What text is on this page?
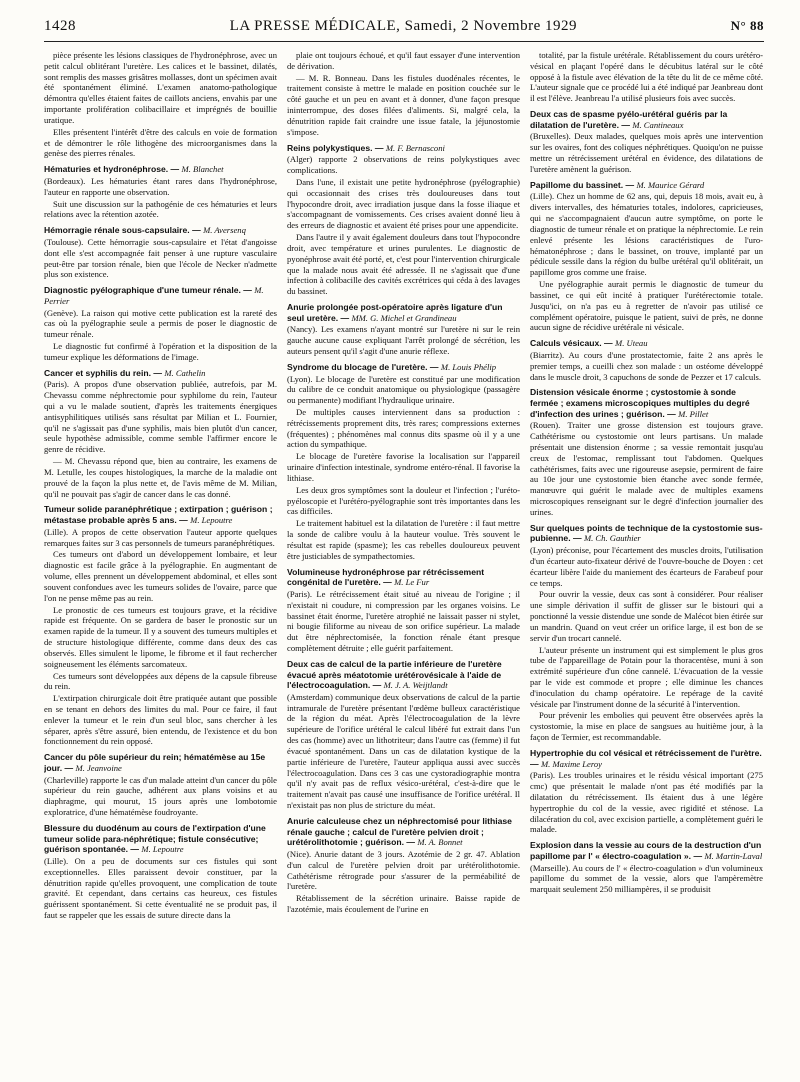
1428	LA PRESSE MÉDICALE, Samedi, 2 Novembre 1929	N° 88

pièce présente les lésions classiques de l'hydronéphrose, avec un petit calcul oblitérant l'uretère. Les calices et le bassinet, dilatés, sont remplis des masses grisâtres mollasses, dont un spécimen avait été spontanément éliminé. L'examen anatomo-pathologique démontra qu'elles étaient faites de caillots anciens, envahis par une importante prolifération colibacillaire et imprégnés de bouillie uratique.

Elles présentent l'intérêt d'être des calculs en voie de formation et de démontrer le rôle lithogène des microorganismes dans la genèse des pierres rénales.

Hématuries et hydronéphrose. — M. Blanchet

(Bordeaux). Les hématuries étant rares dans l'hydronéphrose, l'auteur en rapporte une observation.

Suit une discussion sur la pathogénie de ces hématuries et leurs relations avec la rétention azotée.

Hémorragie rénale sous-capsulaire. — M. Aversenq

(Toulouse). Cette hémorragie sous-capsulaire et l'état d'angoisse dont elle s'est accompagnée fait penser à une rupture vasculaire peut-être par torsion rénale, bien que l'école de Necker n'admette plus son existence.

Diagnostic pyélographique d'une tumeur rénale. — M. Perrier

(Genève). La raison qui motive cette publication est la rareté des cas où la pyélographie seule a permis de poser le diagnostic de tumeur rénale.

Le diagnostic fut confirmé à l'opération et la disposition de la tumeur explique les déformations de l'image.

Cancer et syphilis du rein. — M. Cathelin

(Paris). A propos d'une observation publiée, autrefois, par M. Chevassu comme néphrectomie pour syphilome du rein, l'auteur qui a vu le malade soutient, d'après les traitements énergiques antisyphilitiques utilisés sans résultat par Milian et L. Fournier, qu'il ne s'agissait pas d'une syphilis, mais bien plutôt d'un cancer, seule hypothèse admissible, comme semble l'affirmer encore le genre de récidive.

— M. Chevassu répond que, bien au contraire, les examens de M. Letulle, les coupes histologiques, la marche de la maladie ont prouvé de la façon la plus nette et, de l'avis même de M. Milian, qu'il ne pouvait pas s'agir de cancer dans le cas donné.

Tumeur solide paranéphrétique ; extirpation ; guérison ; métastase probable après 5 ans. — M. Lepoutre

(Lille). A propos de cette observation l'auteur apporte quelques remarques faites sur 3 cas personnels de tumeurs paranéphrétiques.

Ces tumeurs ont d'abord un développement lombaire, et leur diagnostic est facile grâce à la pyélographie. En augmentant de volume, elles prennent un développement abdominal, et elles sont souvent confondues avec les tumeurs solides de l'ovaire, parce que l'on ne pense même pas au rein.

Le pronostic de ces tumeurs est toujours grave, et la récidive rapide est fréquente. On se gardera de baser le pronostic sur un examen rapide de la tumeur. Il y a souvent des tumeurs multiples et de structure histologique différente, comme dans deux des cas observés. Elles simulent le lipome, le fibrome et il faut rechercher soigneusement les éléments sarcomateux.

Ces tumeurs sont développées aux dépens de la capsule fibreuse du rein.

L'extirpation chirurgicale doit être pratiquée autant que possible en se tenant en dehors des limites du mal. Pour ce faire, il faut enlever la tumeur et le rein d'un seul bloc, sans chercher à les séparer, après s'être assuré, bien entendu, de l'existence et du bon fonctionnement du rein opposé.

Cancer du pôle supérieur du rein; hématémèse au 15e jour. — M. Jeanvoine

(Charleville) rapporte le cas d'un malade atteint d'un cancer du pôle supérieur du rein gauche, adhérent aux plans voisins et au diaphragme, qui mourut, 15 jours après une lombotomie exploratrice, d'une hématémèse foudroyante.

Blessure du duodénum au cours de l'extirpation d'une tumeur solide para-néphrétique; fistule consécutive; guérison spontanée. — M. Lepoutre

(Lille). On a peu de documents sur ces fistules qui sont exceptionnelles. Elles paraissent devoir constituer, par la dénutrition rapide qu'elles provoquent, une complication de toute gravité. Et cependant, dans certains cas heureux, ces fistules guérissent spontanément. Si cette éventualité ne se produit pas, il faut se rappeler que les essais de suture directe dans la

plaie ont toujours échoué, et qu'il faut essayer d'une intervention de dérivation.

— M. R. Bonneau. Dans les fistules duodénales récentes, le traitement consiste à mettre le malade en position couchée sur le côté gauche et un peu en avant et à donner, d'une façon presque ininterrompue, des doses filées d'aliments. Si, malgré cela, la dénutrition rapide fait craindre une issue fatale, la jéjunostomie s'impose.

Reins polykystiques. — M. F. Bernasconi

(Alger) rapporte 2 observations de reins polykystiques avec complications.

Dans l'une, il existait une petite hydronéphrose (pyélographie) qui occasionnait des crises très douloureuses dans tout l'hypocondre droit, avec irradiation jusque dans la fosse iliaque et s'accompagnant de vomissements. Ces crises avaient donné lieu à des erreurs de diagnostic et avaient été prises pour une appendicite.

Dans l'autre il y avait également douleurs dans tout l'hypocondre droit, avec température et urines purulentes. Le diagnostic de pyonéphrose avait été porté, et, c'est pour l'intervention chirurgicale que la malade nous avait été adressée. Il ne s'agissait que d'une infection à colibacille des cavités excrétrices qui céda à des lavages du bassinet.

Anurie prolongée post-opératoire après ligature d'un seul uretère. — MM. G. Michel et Grandineau

(Nancy). Les examens n'ayant montré sur l'uretère ni sur le rein gauche aucune cause expliquant l'arrêt prolongé de sécrétion, les auteurs pensent qu'il s'agit d'une anurie réflexe.

Syndrome du blocage de l'uretère. — M. Louis Phélip

(Lyon). Le blocage de l'uretère est constitué par une modification du calibre de ce conduit anatomique ou physiologique (passagère ou permanente) modifiant l'hydraulique urinaire.

De multiples causes interviennent dans sa production : rétrécissements proprement dits, très rares; compressions externes (fréquentes) ; phénomènes mal connus dits spasme où il y a une action du sympathique.

Le blocage de l'uretère favorise la localisation sur l'appareil urinaire d'infection intestinale, syndrome entéro-rénal. Il favorise la lithiase.

Les deux gros symptômes sont la douleur et l'infection ; l'uréto-pyéloscopie et l'urétéro-pyélographie sont très importantes dans les cas difficiles.

Le traitement habituel est la dilatation de l'uretère : il faut mettre la sonde de calibre voulu à la hauteur voulue. Très souvent le résultat est rapide (spasme); les cas rebelles douloureux peuvent être justiciables de sympathectomies.

Volumineuse hydronéphrose par rétrécissement congénital de l'uretère. — M. Le Fur

(Paris). Le rétrécissement était situé au niveau de l'origine ; il n'existait ni coudure, ni compression par les organes voisins. Le bassinet était énorme, l'uretère atrophié ne laissait passer ni stylet, ni bougie filiforme au niveau de son orifice supérieur. La malade dut être néphrectomisée, la fonction rénale étant presque complètement détruite ; elle guérit parfaitement.

Deux cas de calcul de la partie inférieure de l'uretère évacué après méatotomie urétérovésicale à l'aide de l'électrocoagulation. — M. J. A. Weijtlandt

(Amsterdam) communique deux observations de calcul de la partie intramurale de l'uretère présentant l'œdème bulleux caractéristique de la région du méat. Après l'électrocoagulation de la lèvre supérieure de l'orifice urétéral le calcul libéré fut extrait dans l'un des cas (homme) avec un lithotriteur; dans l'autre cas (femme) il fut évacué spontanément. Dans un cas de dilatation kystique de la partie inférieure de l'uretère, l'auteur appliqua aussi avec succès l'électrocoagulation. Dans ces 3 cas une cystoradiographie montra qu'il n'y avait pas de reflux vésico-urétéral, c'est-à-dire que le traitement n'avait pas causé une insuffisance de l'orifice urétéral. Il n'existait pas non plus de stricture du méat.

Anurie calculeuse chez un néphrectomisé pour lithiase rénale gauche ; calcul de l'uretère pelvien droit ; urétérolithotomie ; guérison. — M. A. Bonnet

(Nice). Anurie datant de 3 jours. Azotémie de 2 gr. 47. Ablation d'un calcul de l'uretère pelvien droit par urétérolithotomie. Cathétérisme rétrograde pour s'assurer de la perméabilité de l'uretère.

Rétablissement de la sécrétion urinaire. Baisse rapide de l'azotémie, mais écoulement de l'urine en

totalité, par la fistule urétérale. Rétablissement du cours urétéro-vésical en plaçant l'opéré dans le décubitus latéral sur le côté opposé à la fistule avec élévation de la tête du lit de ce même côté. L'auteur signale que ce procédé lui a été indiqué par Jeanbreau dont il est l'élève. Jeanbreau l'a utilisé plusieurs fois avec succès.

Deux cas de spasme pyélo-urétéral guéris par la dilatation de l'uretère. — M. Cantineaux

(Bruxelles). Deux malades, quelques mois après une intervention sur les ovaires, font des coliques néphrétiques. Quoiqu'on ne puisse mettre un rétrécissement urétéral en évidence, des dilatations de l'uretère amènent la guérison.

Papillome du bassinet. — M. Maurice Gérard

(Lille). Chez un homme de 62 ans, qui, depuis 18 mois, avait eu, à divers intervalles, des hématuries totales, indolores, capricieuses, qui ne s'accompagnaient d'aucun autre symptôme, on porte le diagnostic de tumeur rénale et on pratique la néphrectomie. Le rein enlevé présente les lésions caractéristiques de l'uro-hématonéphrose ; dans le bassinet, on trouve, implanté par un pédicule sessile dans la région du bulbe urétéral qu'il oblitérait, un papillome gros comme une fraise.

Une pyélographie aurait permis le diagnostic de tumeur du bassinet, ce qui eût incité à pratiquer l'urétérectomie totale. Jusqu'ici, on n'a pas eu à regretter de n'avoir pas utilisé ce complément opératoire, puisque le patient, suivi de près, ne donne aucun signe de récidive urétérale ni vésicale.

Calculs vésicaux. — M. Uteau

(Biarritz). Au cours d'une prostatectomie, faite 2 ans après le premier temps, a cueilli chez son malade : un ostéome développé dans le muscle droit, 3 capuchons de sonde de Pezzer et 17 calculs.

Distension vésicale énorme ; cystostomie à sonde fermée ; examens microscopiques multiples du degré d'infection des urines ; guérison. — M. Pillet

(Rouen). Traiter une grosse distension est toujours grave. Cathétérisme ou cystostomie ont leurs partisans. Un malade présentait une distension énorme ; sa vessie remontait jusqu'au creux de l'estomac, remplissant tout l'abdomen. Quelques cathétérismes, faits avec une rigoureuse asepsie, permirent de faire au 10e jour une cystostomie bien étanche avec sonde fermée, manœuvre qui guérit le malade avec de multiples examens microscopiques renseignant sur le degré d'infection journalier des urines.

Sur quelques points de technique de la cystostomie sus-pubienne. — M. Ch. Gauthier

(Lyon) préconise, pour l'écartement des muscles droits, l'utilisation d'un écarteur auto-fixateur dérivé de l'ouvre-bouche de Doyen : cet écarteur libère l'aide du maniement des écarteurs de Farabeuf pour ce temps.

Pour ouvrir la vessie, deux cas sont à considérer. Pour réaliser une simple dérivation il suffit de glisser sur le bistouri qui a ponctionné la vessie distendue une sonde de Malécot bien étirée sur un mandrin. Quand on veut créer un orifice large, il est bon de se servir d'un trocart cannelé.

L'auteur présente un instrument qui est simplement le plus gros tube de l'appareillage de Potain pour la thoracentèse, muni à son extrémité supérieure d'un cône cannelé. L'évacuation de la vessie par le vide est commode et propre ; elle diminue les chances d'inoculation du champ opératoire. Le repérage de la cavité vésicale par l'instrument donne de la sécurité à l'intervention.

Pour prévenir les embolies qui peuvent être observées après la cystostomie, la mise en place de sangsues au huitième jour, à la façon de Termier, est recommandable.

Hypertrophie du col vésical et rétrécissement de l'urètre. — M. Maxime Leroy

(Paris). Les troubles urinaires et le résidu vésical important (275 cmc) que présentait le malade n'ont pas été modifiés par la dilatation du rétrécissement. Ils étaient dus à une légère hypertrophie du col de la vessie, avec rigidité et sténose. La dilacération du col, avec excision partielle, a complètement guéri le malade.

Explosion dans la vessie au cours de la destruction d'un papillome par l' « électro-coagulation ». — M. Martin-Laval

(Marseille). Au cours de l' « électro-coagulation » d'un volumineux papillome du sommet de la vessie, alors que l'ampèremètre marquait seulement 250 milliampères, il se produisit
